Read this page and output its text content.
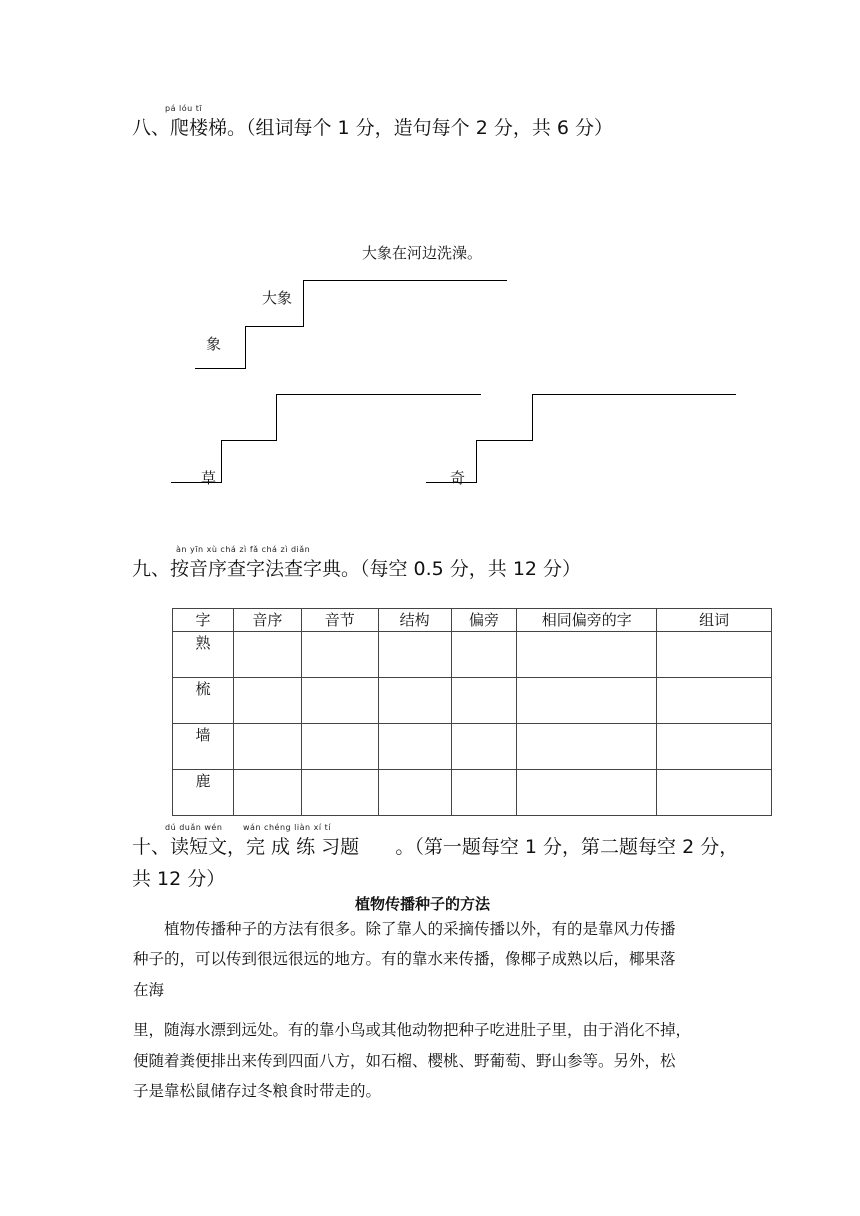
pá lóu tī
八、爬楼梯。（组词每个 1 分，造句每个 2 分，共 6 分）
大象在河边洗澡。
象
大象
草	奇
àn yīn xù chá zì fǎ chá zì diǎn
九、按音序查字法查字典。（每空 0.5 分，共 12 分）
字	音序	音节	结构	偏旁	相同偏旁的字	组词
熟						
梳						
墙						
鹿						
dú duǎn wén	wán chéng liàn xí tí
十、读短文，完 成 练 习题      。（第一题每空 1 分，第二题每空 2 分，
共 12 分）
植物传播种子的方法
植物传播种子的方法有很多。除了靠人的采摘传播以外，有的是靠风力传播
种子的，可以传到很远很远的地方。有的靠水来传播，像椰子成熟以后，椰果落
在海
里，随海水漂到远处。有的靠小鸟或其他动物把种子吃进肚子里，由于消化不掉，
便随着粪便排出来传到四面八方，如石榴、樱桃、野葡萄、野山参等。另外，松
子是靠松鼠储存过冬粮食时带走的。
